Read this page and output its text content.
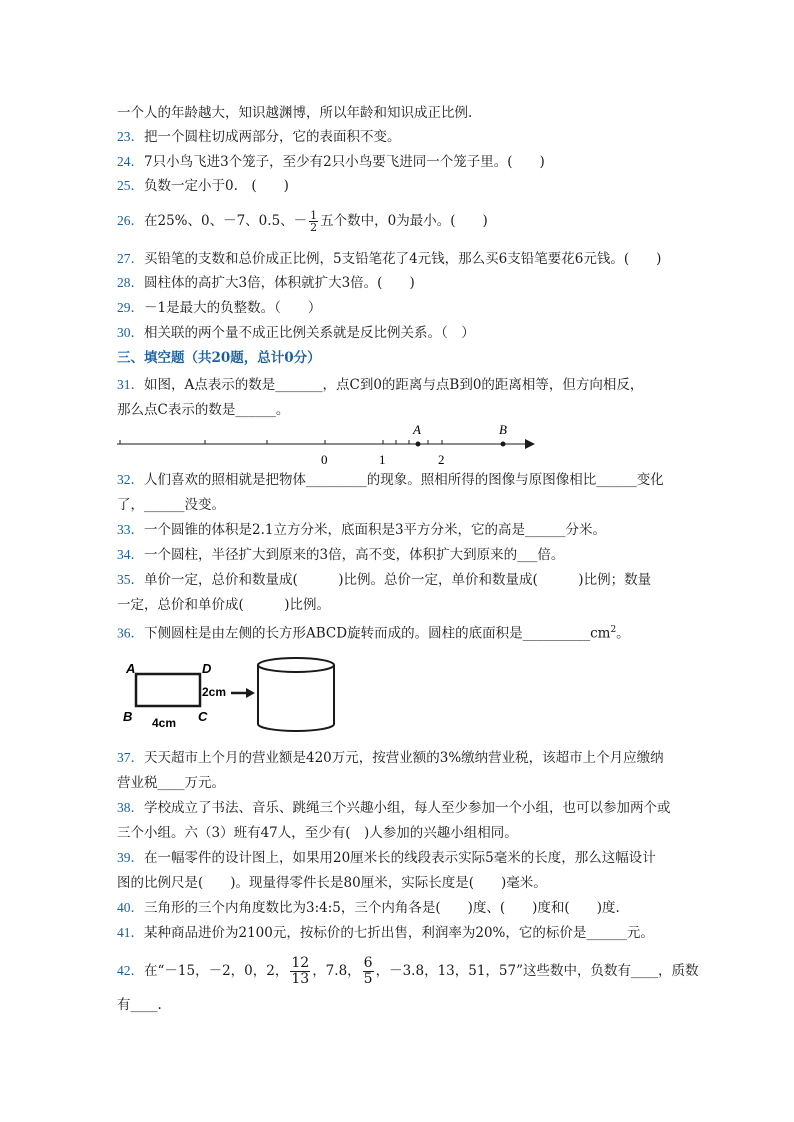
一个人的年龄越大，知识越渊博，所以年龄和知识成正比例.
23．把一个圆柱切成两部分，它的表面积不变。
24．7只小鸟飞进3个笼子，至少有2只小鸟要飞进同一个笼子里。(　　)
25．负数一定小于0.　(　　)
26．在25%、0、－7、0.5、－ $\frac{1}{2}$ 五个数中，0为最小。(　　)
27．买铅笔的支数和总价成正比例，5支铅笔花了4元钱，那么买6支铅笔要花6元钱。(　　)
28．圆柱体的高扩大3倍，体积就扩大3倍。(　　)
29．－1是最大的负整数。（　　）
30．相关联的两个量不成正比例关系就是反比例关系。（　）
三、填空题（共20题，总计0分）
31．如图，A点表示的数是_______，点C到0的距离与点B到0的距离相等，但方向相反，
那么点C表示的数是______。
0	1	2
A	B
32．人们喜欢的照相就是把物体_________的现象。照相所得的图像与原图像相比______变化
了，______没变。
33．一个圆锥的体积是2.1立方分米，底面积是3平方分米，它的高是______分米。
34．一个圆柱，半径扩大到原来的3倍，高不变，体积扩大到原来的___倍。
35．单价一定，总价和数量成(　　　)比例。总价一定，单价和数量成(　　　)比例；数量
一定，总价和单价成(　　　)比例。
36．下侧圆柱是由左侧的长方形ABCD旋转而成的。圆柱的底面积是$\_\_\_\_\_\_\_\_\_\_cm^2$。
A	D
B	C
4cm
2cm
37．天天超市上个月的营业额是420万元，按营业额的3%缴纳营业税，该超市上个月应缴纳
营业税____万元。
38．学校成立了书法、音乐、跳绳三个兴趣小组，每人至少参加一个小组，也可以参加两个或
三个小组。六（3）班有47人，至少有(　)人参加的兴趣小组相同。
39．在一幅零件的设计图上，如果用20厘米长的线段表示实际5毫米的长度，那么这幅设计
图的比例尺是(　　)。现量得零件长是80厘米，实际长度是(　　)毫米。
40．三角形的三个内角度数比为3:4:5，三个内角各是(　　)度、(　　)度和(　　)度.
41．某种商品进价为2100元，按标价的七折出售，利润率为20%，它的标价是______元。
42．在“－15，－2，0，2， $\frac{12}{13}$ ，7.8， $\frac{6}{5}$ ，－3.8，13，51，57”这些数中，负数有____，质数
有____.
